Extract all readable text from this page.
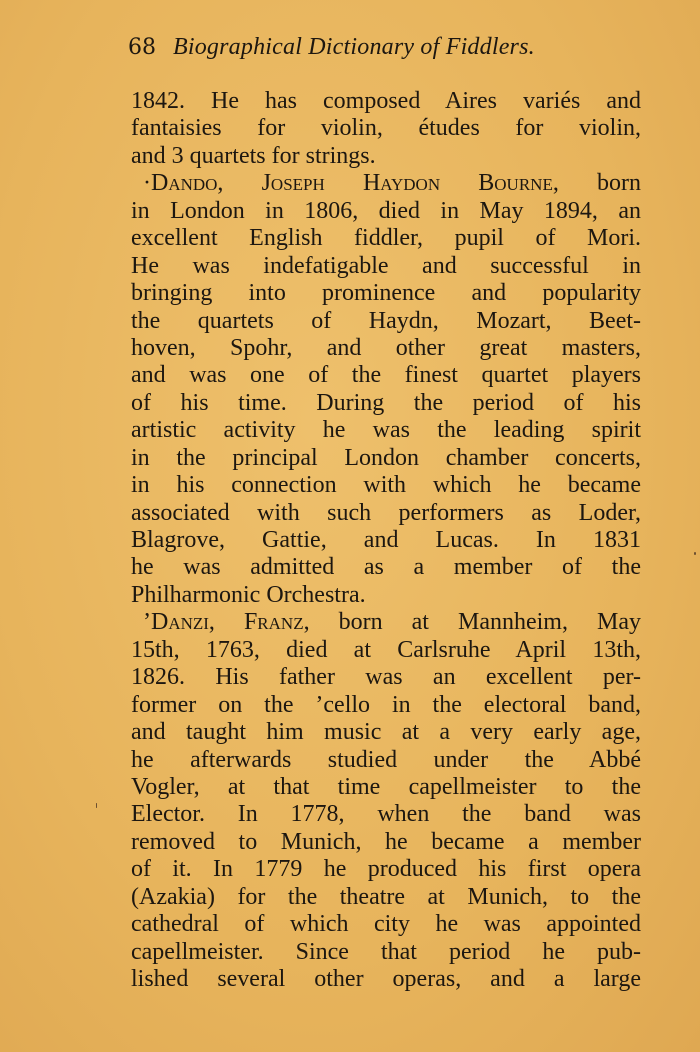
68 Biographical Dictionary of Fiddlers.
1842. He has composed Aires variés and
fantaisies for violin, études for violin,
and 3 quartets for strings.
·Dando, Joseph Haydon Bourne, born
in London in 1806, died in May 1894, an
excellent English fiddler, pupil of Mori.
He was indefatigable and successful in
bringing into prominence and popularity
the quartets of Haydn, Mozart, Beet-
hoven, Spohr, and other great masters,
and was one of the finest quartet players
of his time. During the period of his
artistic activity he was the leading spirit
in the principal London chamber concerts,
in his connection with which he became
associated with such performers as Loder,
Blagrove, Gattie, and Lucas. In 1831
he was admitted as a member of the
Philharmonic Orchestra.
ʼDanzi, Franz, born at Mannheim, May
15th, 1763, died at Carlsruhe April 13th,
1826. His father was an excellent per-
former on the ʼcello in the electoral band,
and taught him music at a very early age,
he afterwards studied under the Abbé
Vogler, at that time capellmeister to the
Elector. In 1778, when the band was
removed to Munich, he became a member
of it. In 1779 he produced his first opera
(Azakia) for the theatre at Munich, to the
cathedral of which city he was appointed
capellmeister. Since that period he pub-
lished several other operas, and a large
